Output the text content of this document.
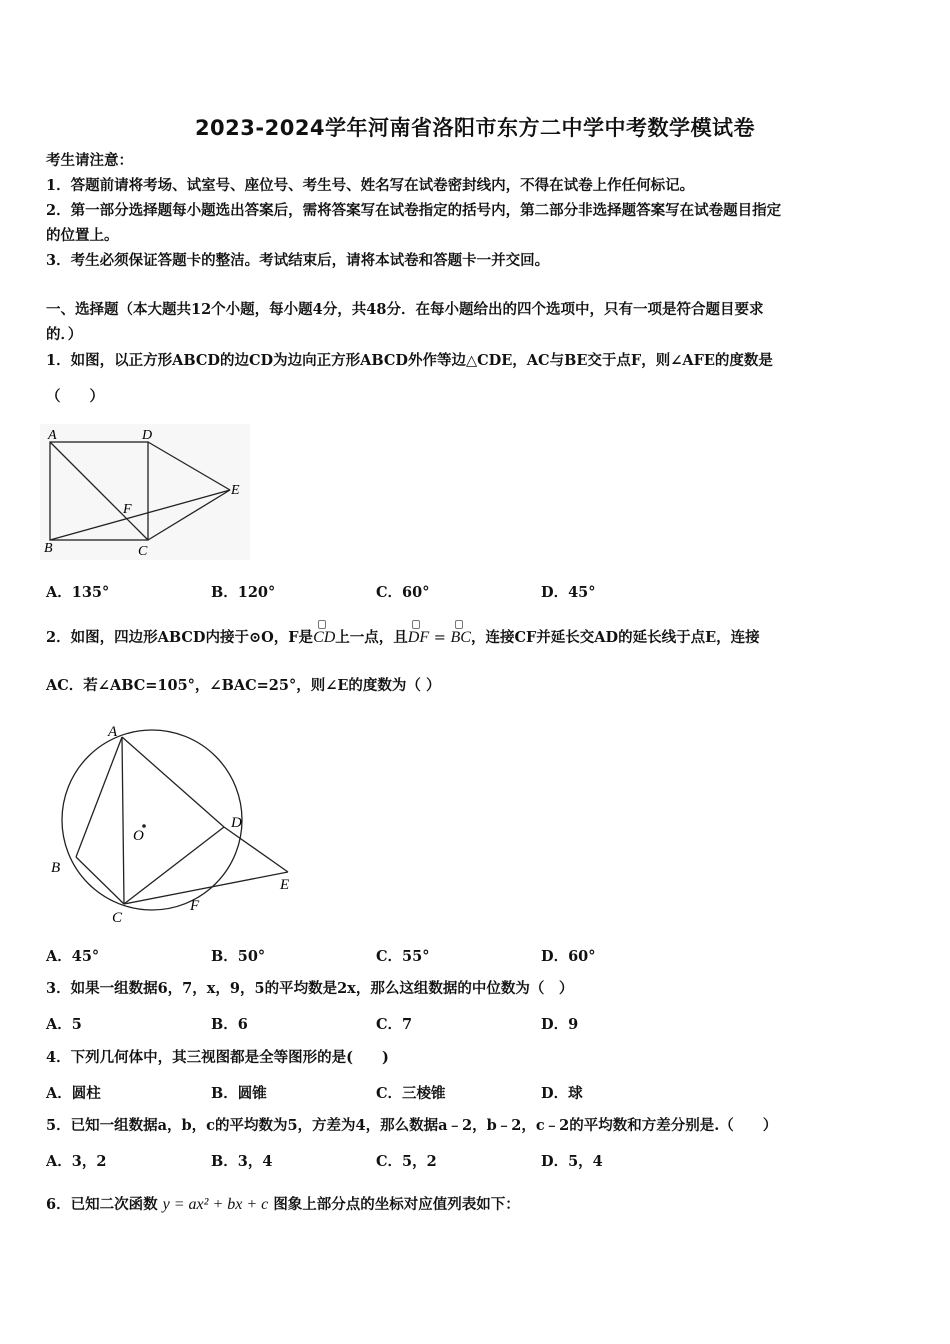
2023-2024学年河南省洛阳市东方二中学中考数学模试卷
考生请注意：
1．答题前请将考场、试室号、座位号、考生号、姓名写在试卷密封线内，不得在试卷上作任何标记。
2．第一部分选择题每小题选出答案后，需将答案写在试卷指定的括号内，第二部分非选择题答案写在试卷题目指定
的位置上。
3．考生必须保证答题卡的整洁。考试结束后，请将本试卷和答题卡一并交回。
一、选择题（本大题共12个小题，每小题4分，共48分．在每小题给出的四个选项中，只有一项是符合题目要求
的．）
1．如图，以正方形ABCD的边CD为边向正方形ABCD外作等边△CDE，AC与BE交于点F，则∠AFE的度数是
（　　）
A	D
E
F
B	C
A．135°	B．120°	C．60°	D．45°
2．如图，四边形ABCD内接于⊙O，F是CD上一点，且DF = BC，连接CF并延长交AD的延长线于点E，连接
AC．若∠ABC=105°，∠BAC=25°，则∠E的度数为（ ）
A
O
D
B
E
C
F
A．45°	B．50°	C．55°	D．60°
3．如果一组数据6，7，x，9，5的平均数是2x，那么这组数据的中位数为（　）
A．5	B．6	C．7	D．9
4．下列几何体中，其三视图都是全等图形的是(　　)
A．圆柱	B．圆锥	C．三棱锥	D．球
5．已知一组数据a，b，c的平均数为5，方差为4，那么数据a﹣2，b﹣2，c﹣2的平均数和方差分别是.（　　）
A．3，2	B．3，4	C．5，2	D．5，4
6．已知二次函数 y = ax² + bx + c 图象上部分点的坐标对应值列表如下：
